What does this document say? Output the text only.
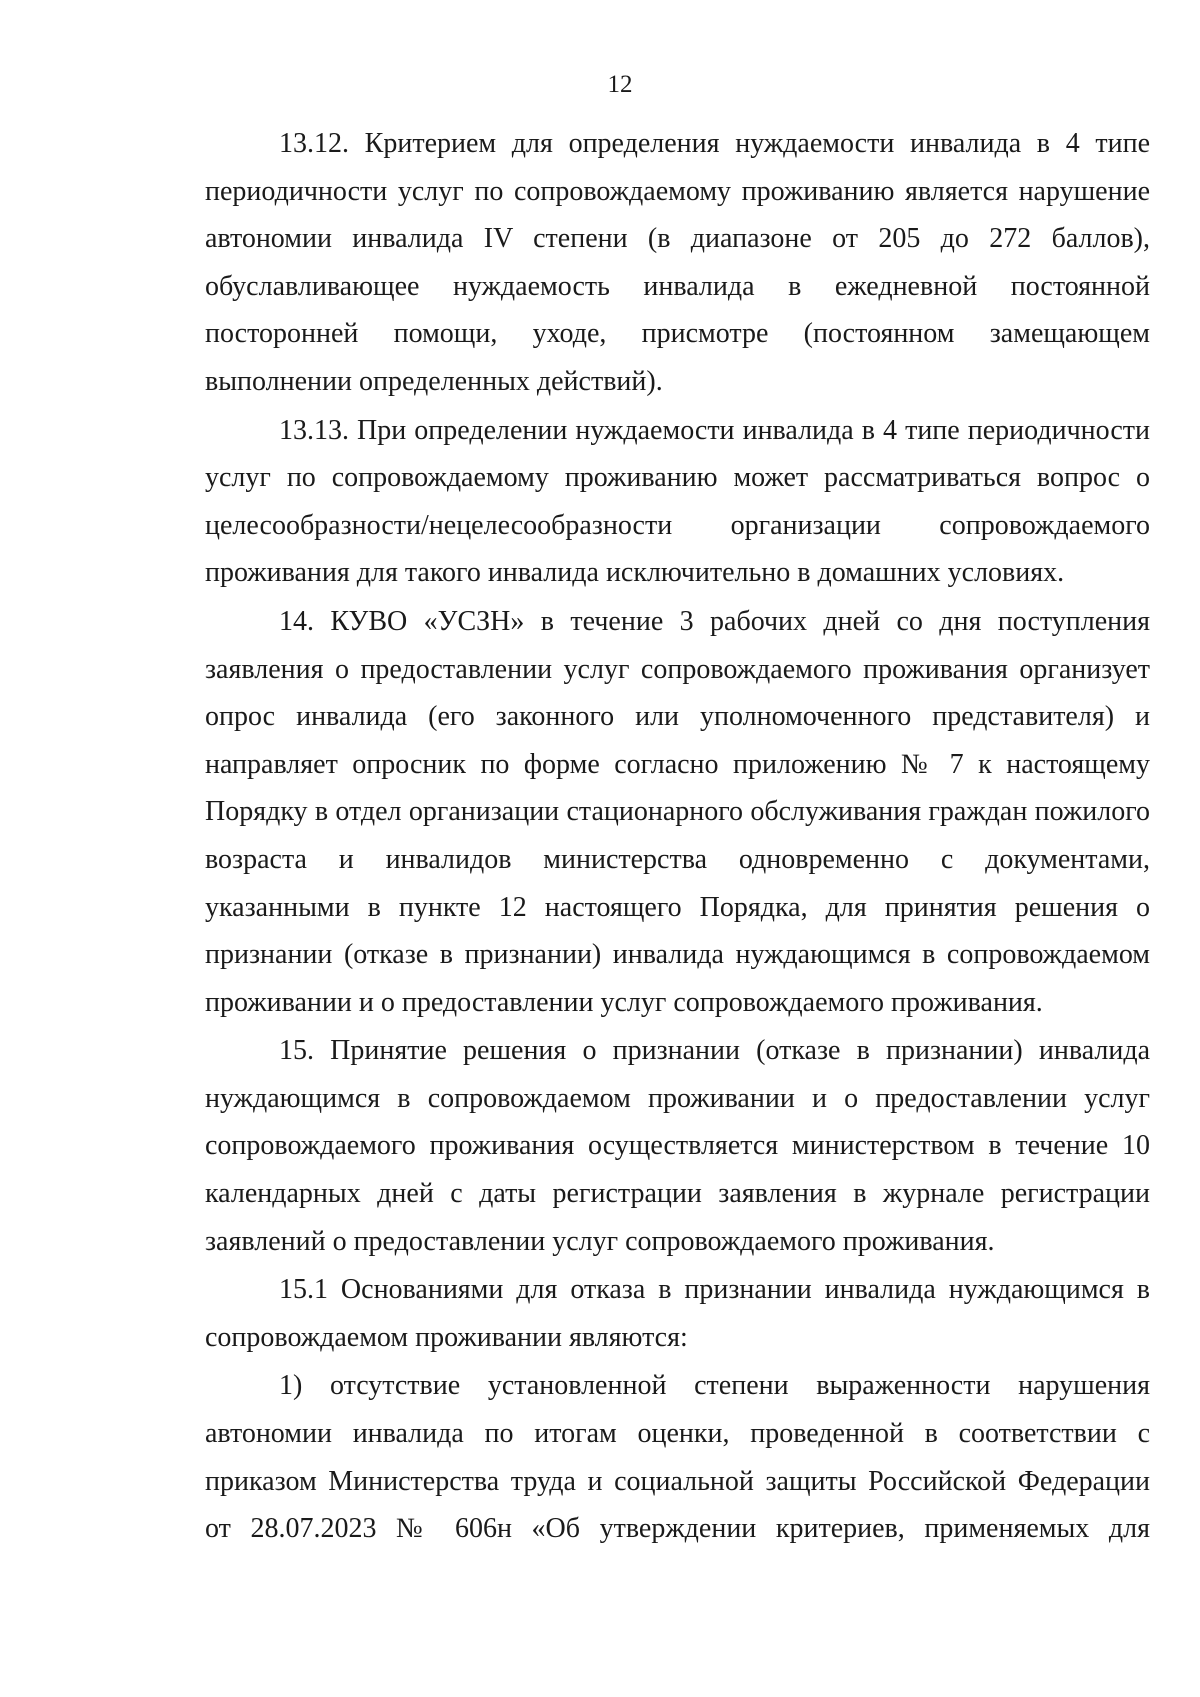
12

13.12. Критерием для определения нуждаемости инвалида в 4 типе периодичности услуг по сопровождаемому проживанию является нарушение автономии инвалида IV степени (в диапазоне от 205 до 272 баллов), обуславливающее нуждаемость инвалида в ежедневной постоянной посторонней помощи, уходе, присмотре (постоянном замещающем выполнении определенных действий).

13.13. При определении нуждаемости инвалида в 4 типе периодичности услуг по сопровождаемому проживанию может рассматриваться вопрос о целесообразности/нецелесообразности организации сопровождаемого проживания для такого инвалида исключительно в домашних условиях.

14. КУВО «УСЗН» в течение 3 рабочих дней со дня поступления заявления о предоставлении услуг сопровождаемого проживания организует опрос инвалида (его законного или уполномоченного представителя) и направляет опросник по форме согласно приложению № 7 к настоящему Порядку в отдел организации стационарного обслуживания граждан пожилого возраста и инвалидов министерства одновременно с документами, указанными в пункте 12 настоящего Порядка, для принятия решения о признании (отказе в признании) инвалида нуждающимся в сопровождаемом проживании и о предоставлении услуг сопровождаемого проживания.

15. Принятие решения о признании (отказе в признании) инвалида нуждающимся в сопровождаемом проживании и о предоставлении услуг сопровождаемого проживания осуществляется министерством в течение 10 календарных дней с даты регистрации заявления в журнале регистрации заявлений о предоставлении услуг сопровождаемого проживания.

15.1 Основаниями для отказа в признании инвалида нуждающимся в сопровождаемом проживании являются:

1) отсутствие установленной степени выраженности нарушения автономии инвалида по итогам оценки, проведенной в соответствии с приказом Министерства труда и социальной защиты Российской Федерации от 28.07.2023 № 606н «Об утверждении критериев, применяемых для
